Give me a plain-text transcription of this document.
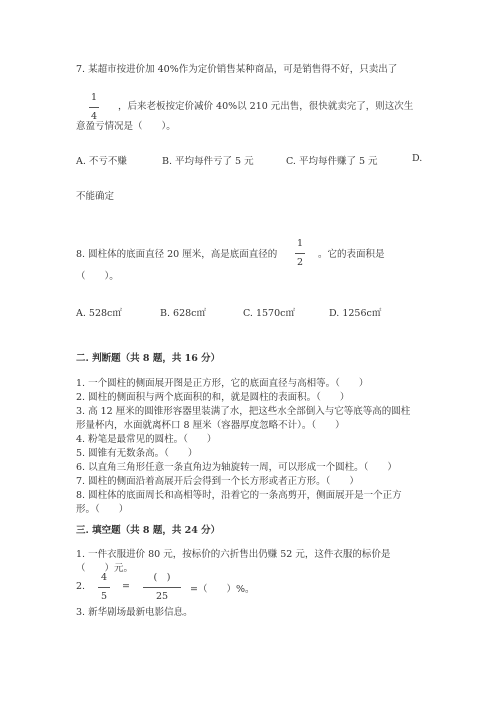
7. 某超市按进价加 40%作为定价销售某种商品，可是销售得不好，只卖出了
1
4
，后来老板按定价减价 40%以 210 元出售，很快就卖完了，则这次生
意盈亏情况是（　　）。
A. 不亏不赚	B. 平均每件亏了 5 元	C. 平均每件赚了 5 元	D.
不能确定
8. 圆柱体的底面直径 20 厘米，高是底面直径的
1
2
。它的表面积是
（　　）。
A. 528c㎡	B. 628c㎡	C. 1570c㎡	D. 1256c㎡
二. 判断题（共 8 题，共 16 分）
1. 一个圆柱的侧面展开图是正方形，它的底面直径与高相等。（　　）
2. 圆柱的侧面积与两个底面积的和，就是圆柱的表面积。（　　）
3. 高 12 厘米的圆锥形容器里装满了水，把这些水全部倒入与它等底等高的圆柱
形量杯内，水面就离杯口 8 厘米（容器厚度忽略不计）。（　　）
4. 粉笔是最常见的圆柱。（　　）
5. 圆锥有无数条高。（　　）
6. 以直角三角形任意一条直角边为轴旋转一周，可以形成一个圆柱。（　　）
7. 圆柱的侧面沿着高展开后会得到一个长方形或者正方形。（　　）
8. 圆柱体的底面周长和高相等时，沿着它的一条高剪开，侧面展开是一个正方
形。（　　）
三. 填空题（共 8 题，共 24 分）
1. 一件衣服进价 80 元，按标价的六折售出仍赚 52 元，这件衣服的标价是
（　　）元。
2.
4
5
=
(　)
25
=（　　）%。
3. 新华剧场最新电影信息。
